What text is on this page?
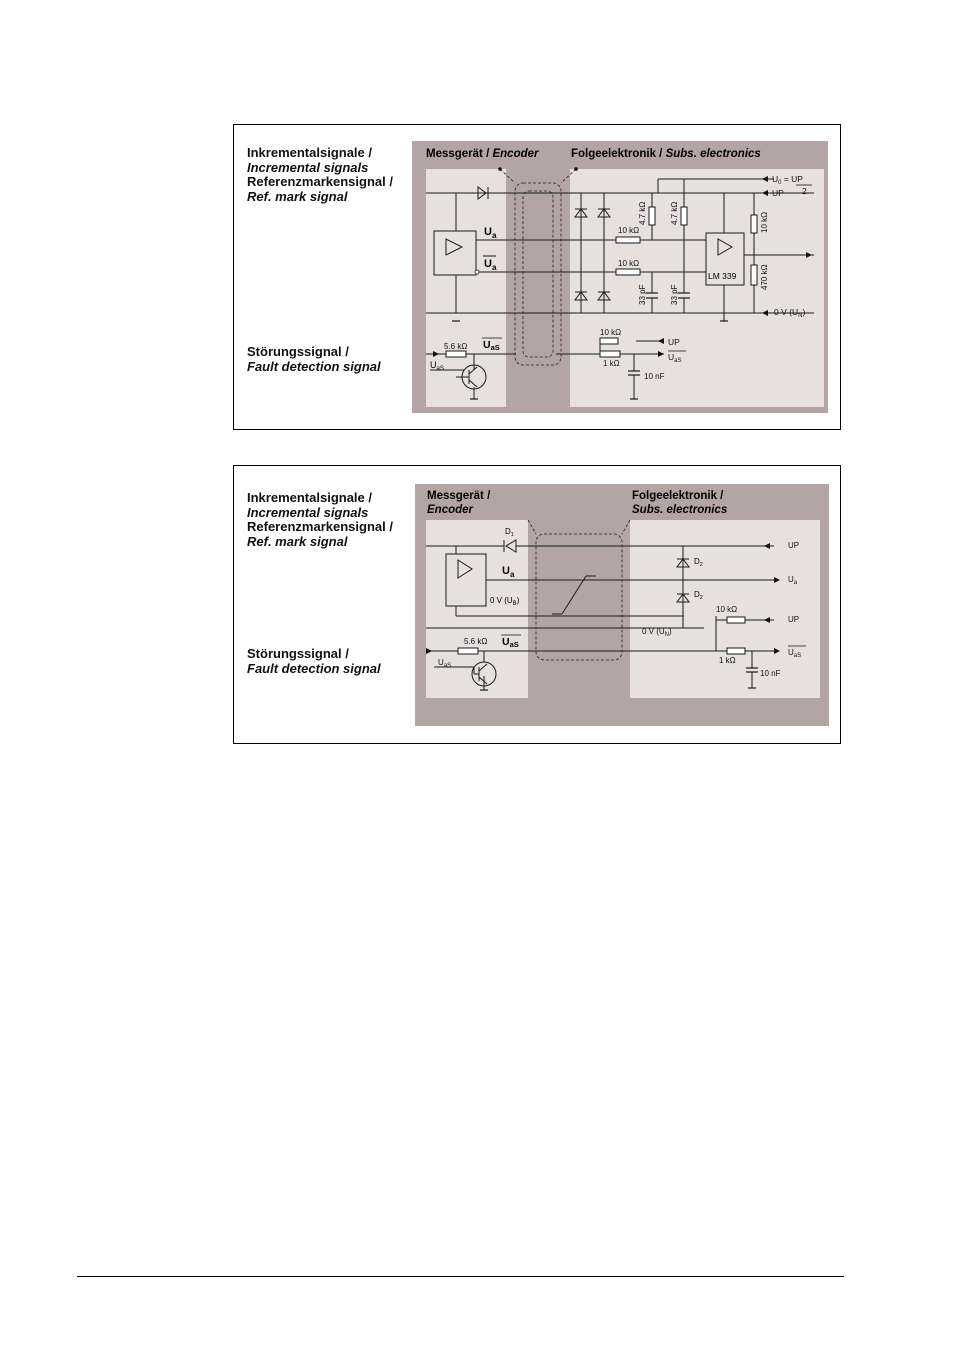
Inkrementalsignale /
Incremental signals
Referenzmarkensignal /
Ref. mark signal
Störungssignal /
Fault detection signal
Messgerät / Encoder	Folgeelektronik / Subs. electronics
$U_a$
$U_a$
LM 339
10 kΩ
10 kΩ
4.7 kΩ	4.7 kΩ
33 pF	33 pF
10 kΩ
470 kΩ
5.6 kΩ
10 kΩ
1 kΩ
10 nF
$U_0$ = UP
2
UP
0 V $(U_N)$
UP
$U_{aS}$
UaS
$U_{aS}$
Inkrementalsignale /
Incremental signals
Referenzmarkensignal /
Ref. mark signal
Störungssignal /
Fault detection signal
Messgerät /
Encoder
Folgeelektronik /
Subs. electronics
$D_1$
$U_a$
0 V $(U_B)$
$D_2$
$D_2$
10 kΩ
1 kΩ
10 nF
5.6 kΩ
0 V $(U_N)$
UP
$U_a$
UP
$U_{aS}$
$U_{aS}$
UaS
